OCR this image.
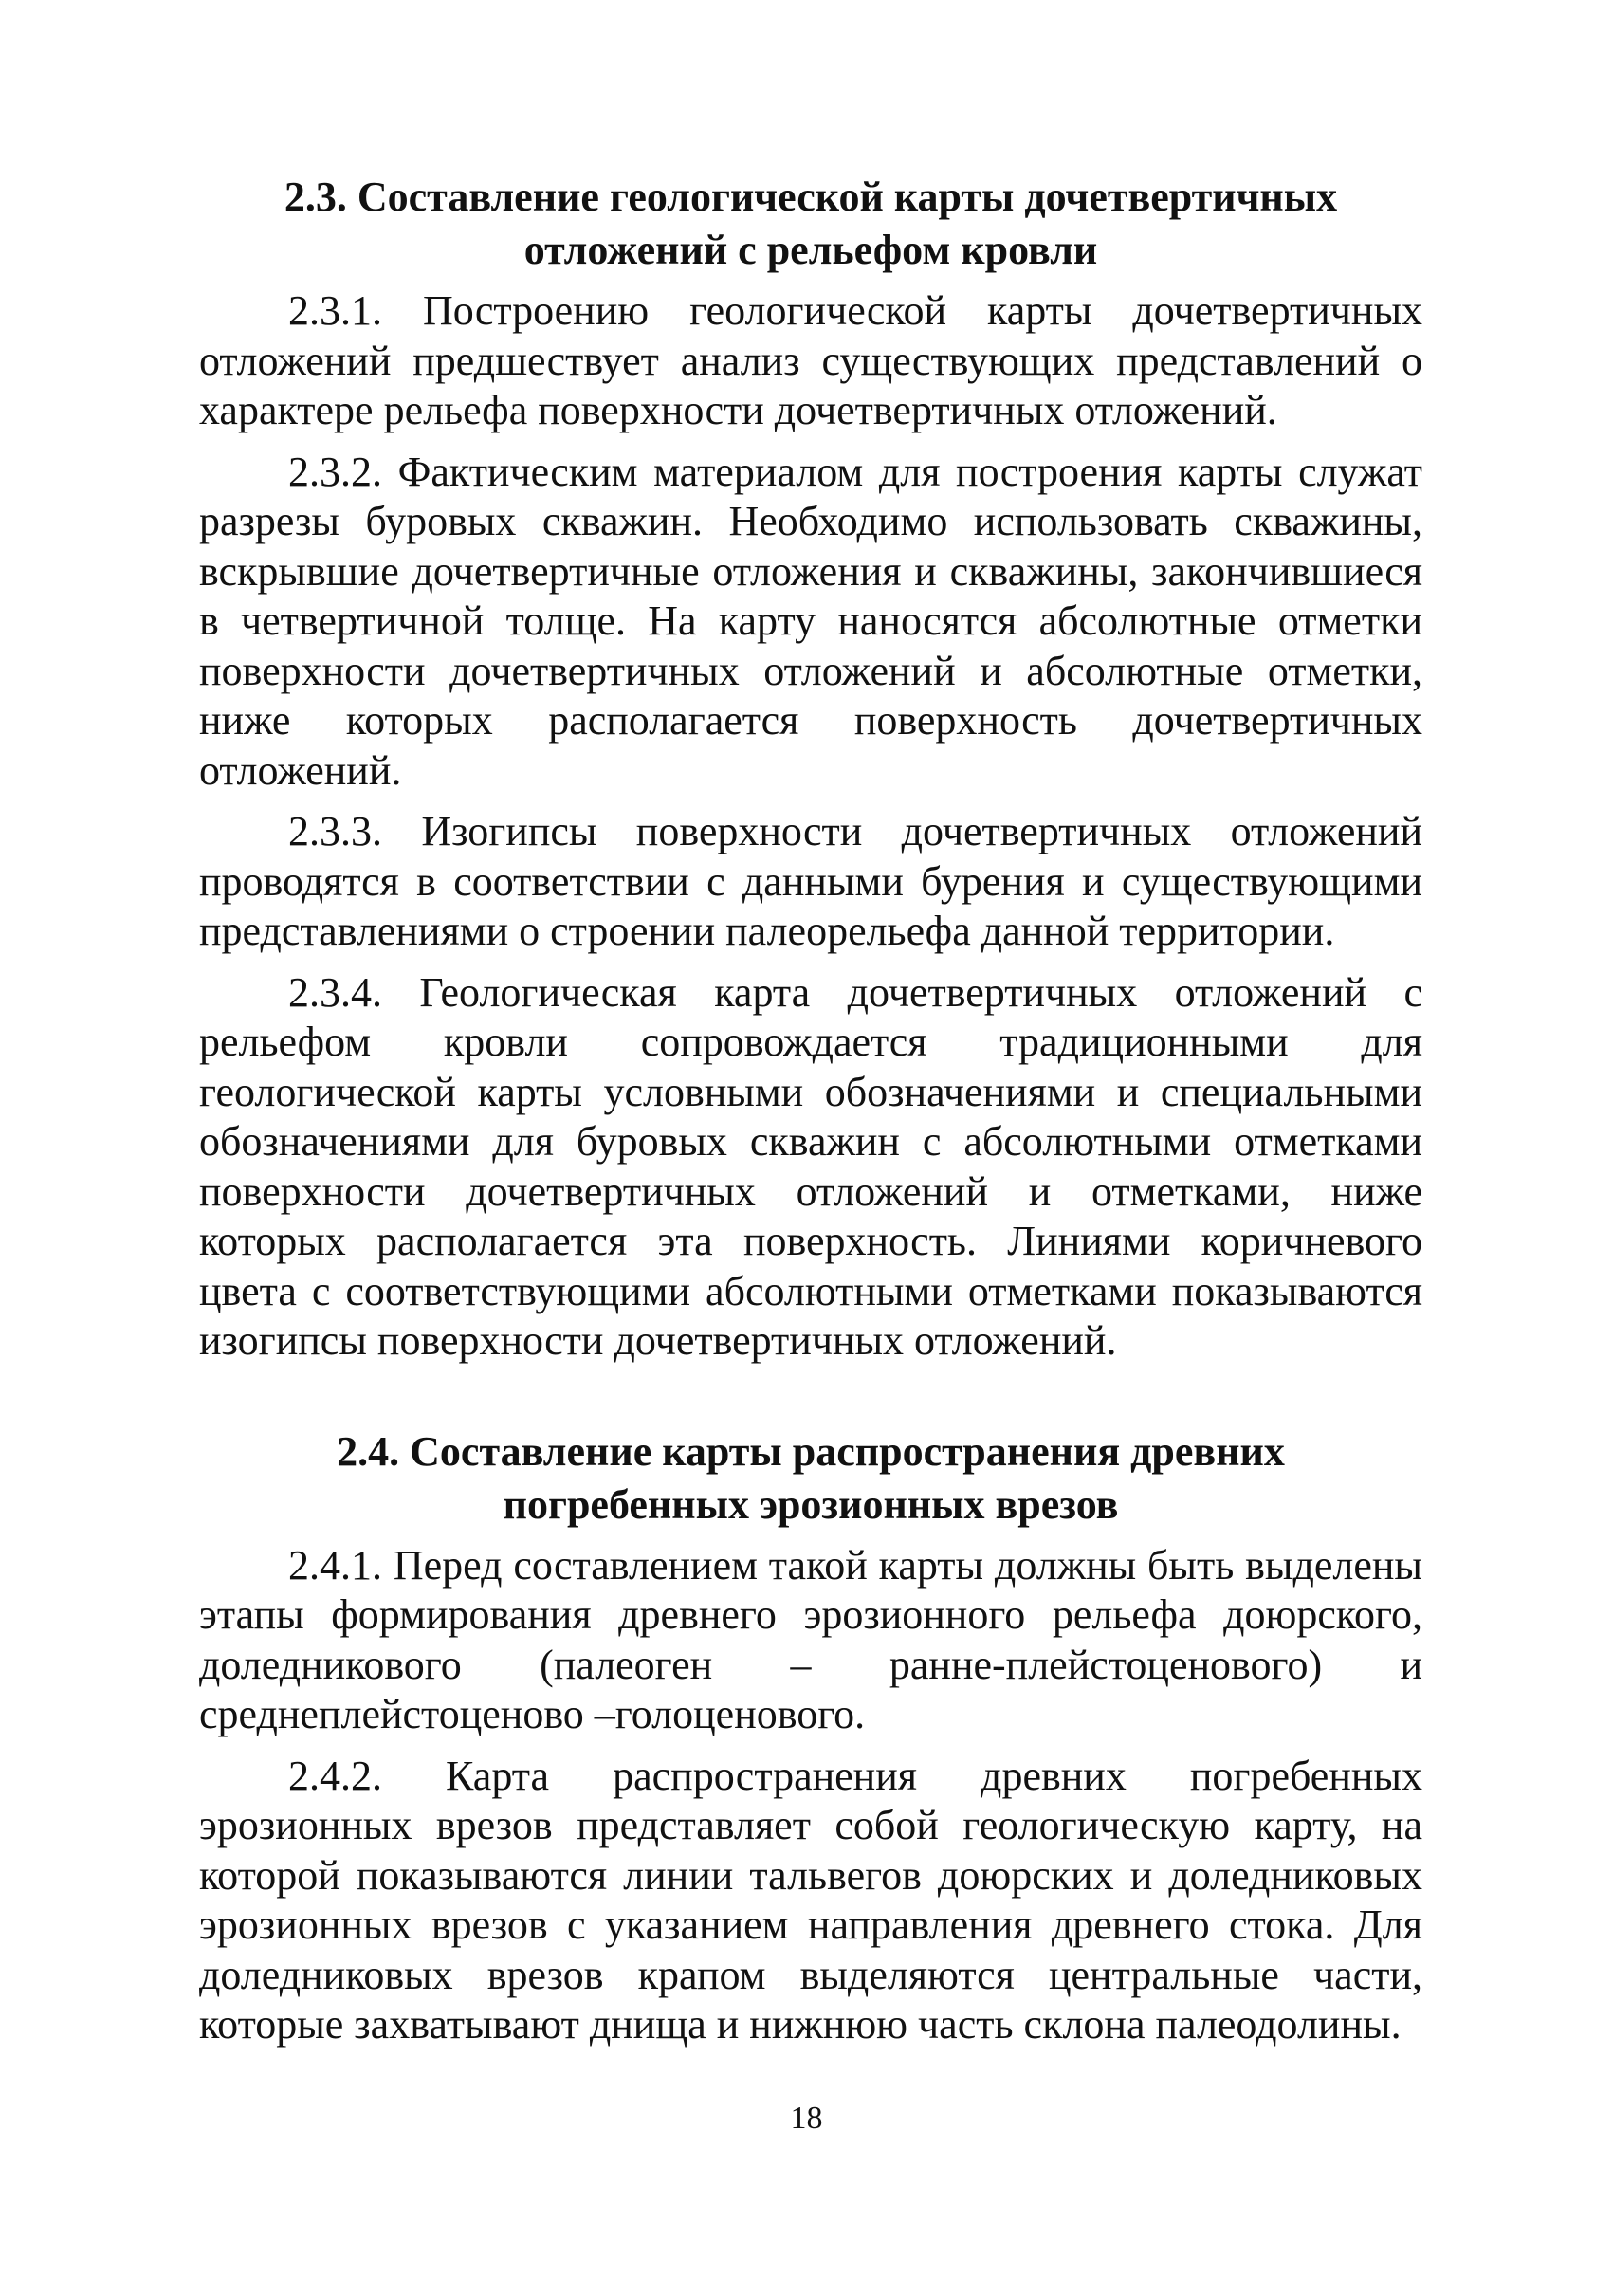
2.3. Составление геологической карты дочетвертичных отложений с рельефом кровли

2.3.1. Построению геологической карты дочетвертичных отложений предшествует анализ существующих представлений о характере рельефа поверхности дочетвертичных отложений.

2.3.2. Фактическим материалом для построения карты служат разрезы буровых скважин. Необходимо использовать скважины, вскрывшие дочетвертичные отложения и скважины, закончившиеся в четвертичной толще. На карту наносятся абсолютные отметки поверхности дочетвертичных отложений и абсолютные отметки, ниже которых располагается поверхность дочетвертичных отложений.

2.3.3. Изогипсы поверхности дочетвертичных отложений проводятся в соответствии с данными бурения и существующими представлениями о строении палеорельефа данной территории.

2.3.4. Геологическая карта дочетвертичных отложений с рельефом кровли сопровождается традиционными для геологической карты условными обозначениями и специальными обозначениями для буровых скважин с абсолютными отметками поверхности дочетвертичных отложений и отметками, ниже которых располагается эта поверхность. Линиями коричневого цвета с соответствующими абсолютными отметками показываются изогипсы поверхности дочетвертичных отложений.

2.4. Составление карты распространения древних погребенных эрозионных врезов

2.4.1. Перед составлением такой карты должны быть выделены этапы формирования древнего эрозионного рельефа доюрского, доледникового (палеоген – ранне-плейстоценового) и среднеплейстоценово –голоценового.

2.4.2. Карта распространения древних погребенных эрозионных врезов представляет собой геологическую карту, на которой показываются линии тальвегов доюрских и доледниковых эрозионных врезов с указанием направления древнего стока. Для доледниковых врезов крапом выделяются центральные части, которые захватывают днища и нижнюю часть склона палеодолины.

18
